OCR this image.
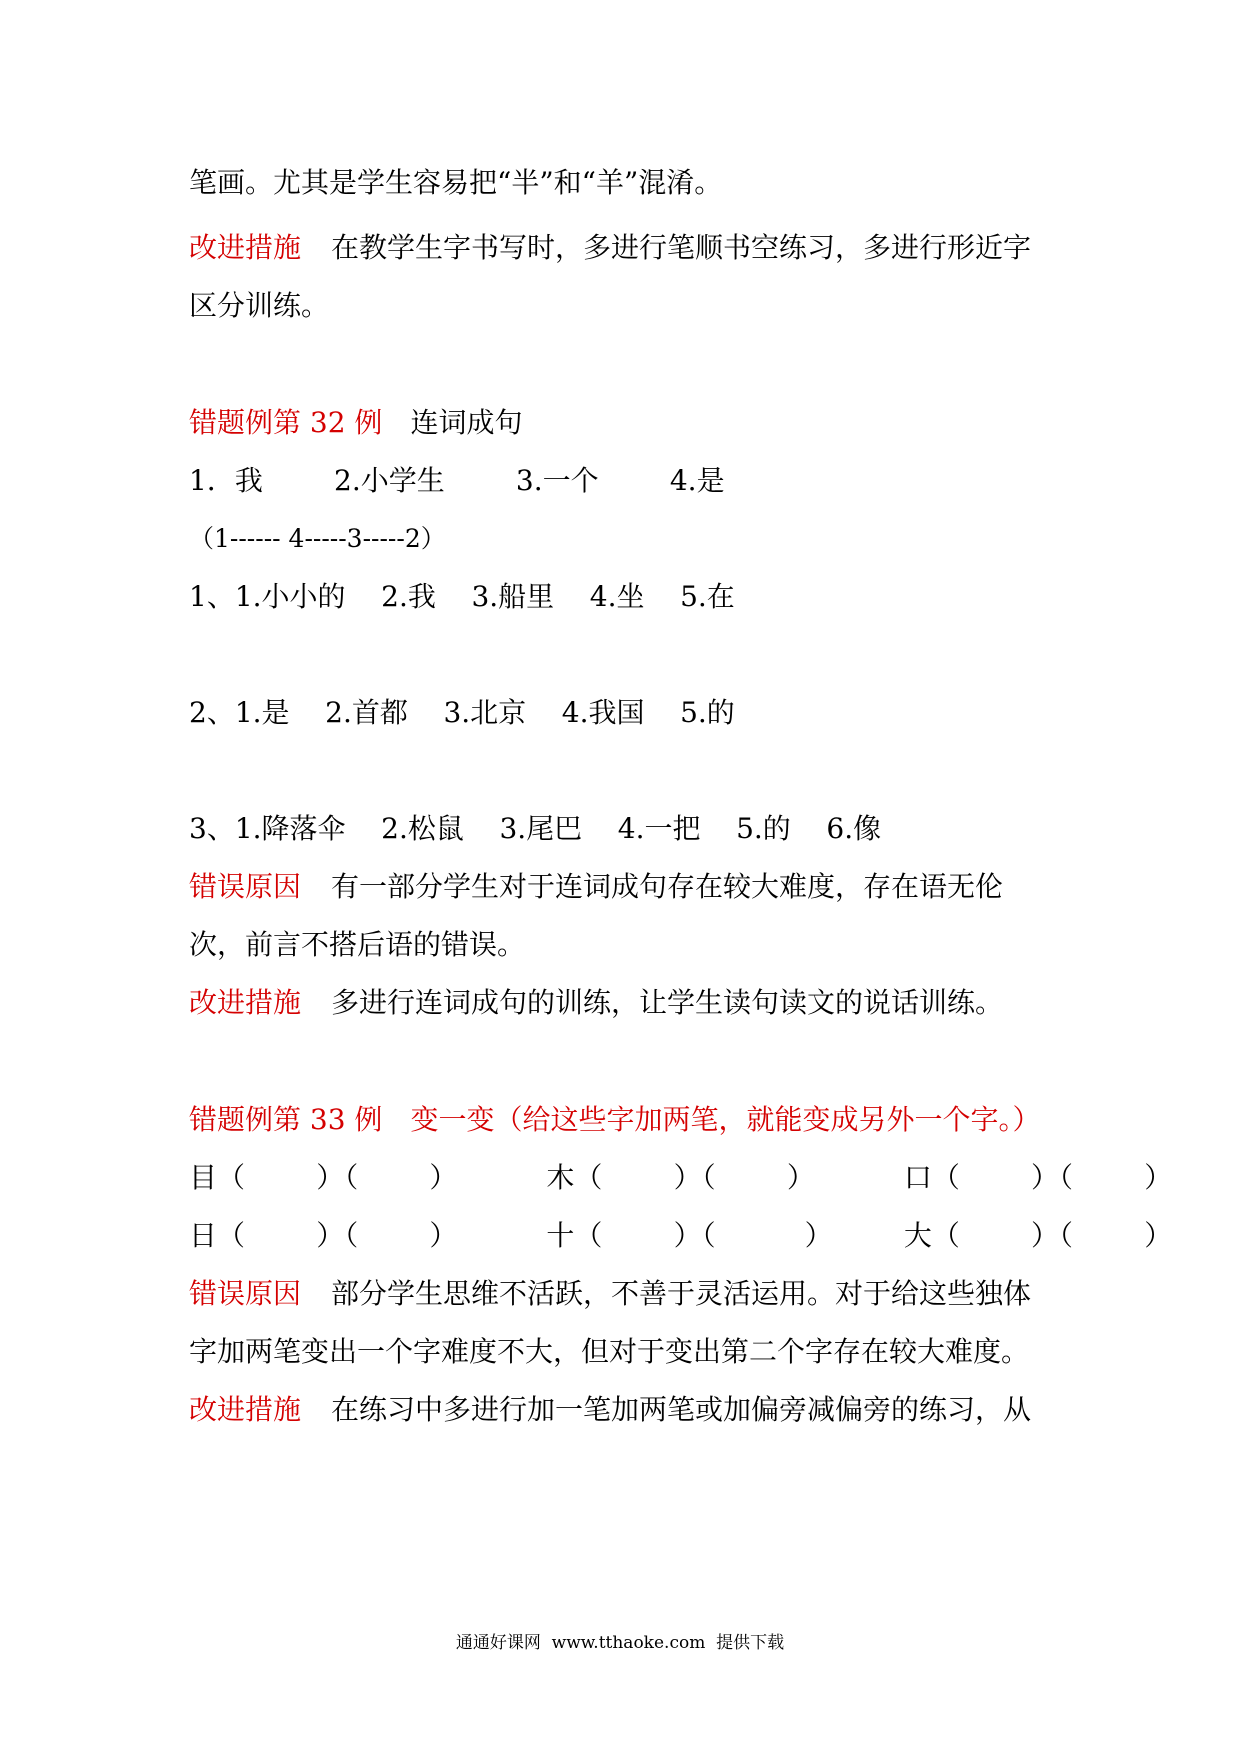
笔画。尤其是学生容易把“半”和“羊”混淆。
改进措施 在教学生字书写时，多进行笔顺书空练习，多进行形近字
区分训练。
错题例第 32 例 连词成句
1．我        2.小学生        3.一个        4.是
（1------ 4-----3-----2）
1、1.小小的    2.我    3.船里    4.坐    5.在
2、1.是    2.首都    3.北京    4.我国    5.的
3、1.降落伞    2.松鼠    3.尾巴    4.一把    5.的    6.像
错误原因 有一部分学生对于连词成句存在较大难度，存在语无伦
次，前言不搭后语的错误。
改进措施 多进行连词成句的训练，让学生读句读文的说话训练。
错题例第 33 例 变一变（给这些字加两笔，就能变成另外一个字。）
目（        ）（        ）          木（        ）（        ）          口（        ）（        ）
日（        ）（        ）          十（        ）（          ）        大（        ）（        ）
错误原因 部分学生思维不活跃，不善于灵活运用。对于给这些独体
字加两笔变出一个字难度不大，但对于变出第二个字存在较大难度。
改进措施 在练习中多进行加一笔加两笔或加偏旁减偏旁的练习，从
通通好课网 www.tthaoke.com 提供下载
